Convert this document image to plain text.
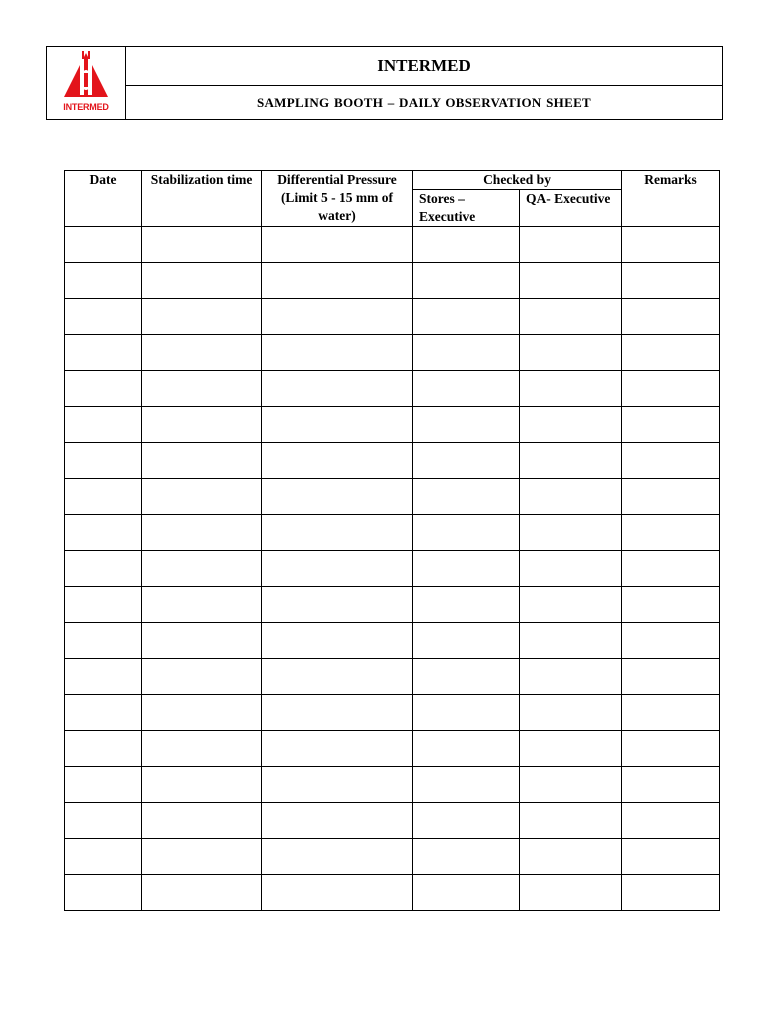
INTERMED
	INTERMED
SAMPLING BOOTH – DAILY OBSERVATION SHEET
Date	Stabilization time	Differential Pressure (Limit 5 - 15 mm of water)	Checked by		Remarks
			Stores – Executive	QA- Executive	
